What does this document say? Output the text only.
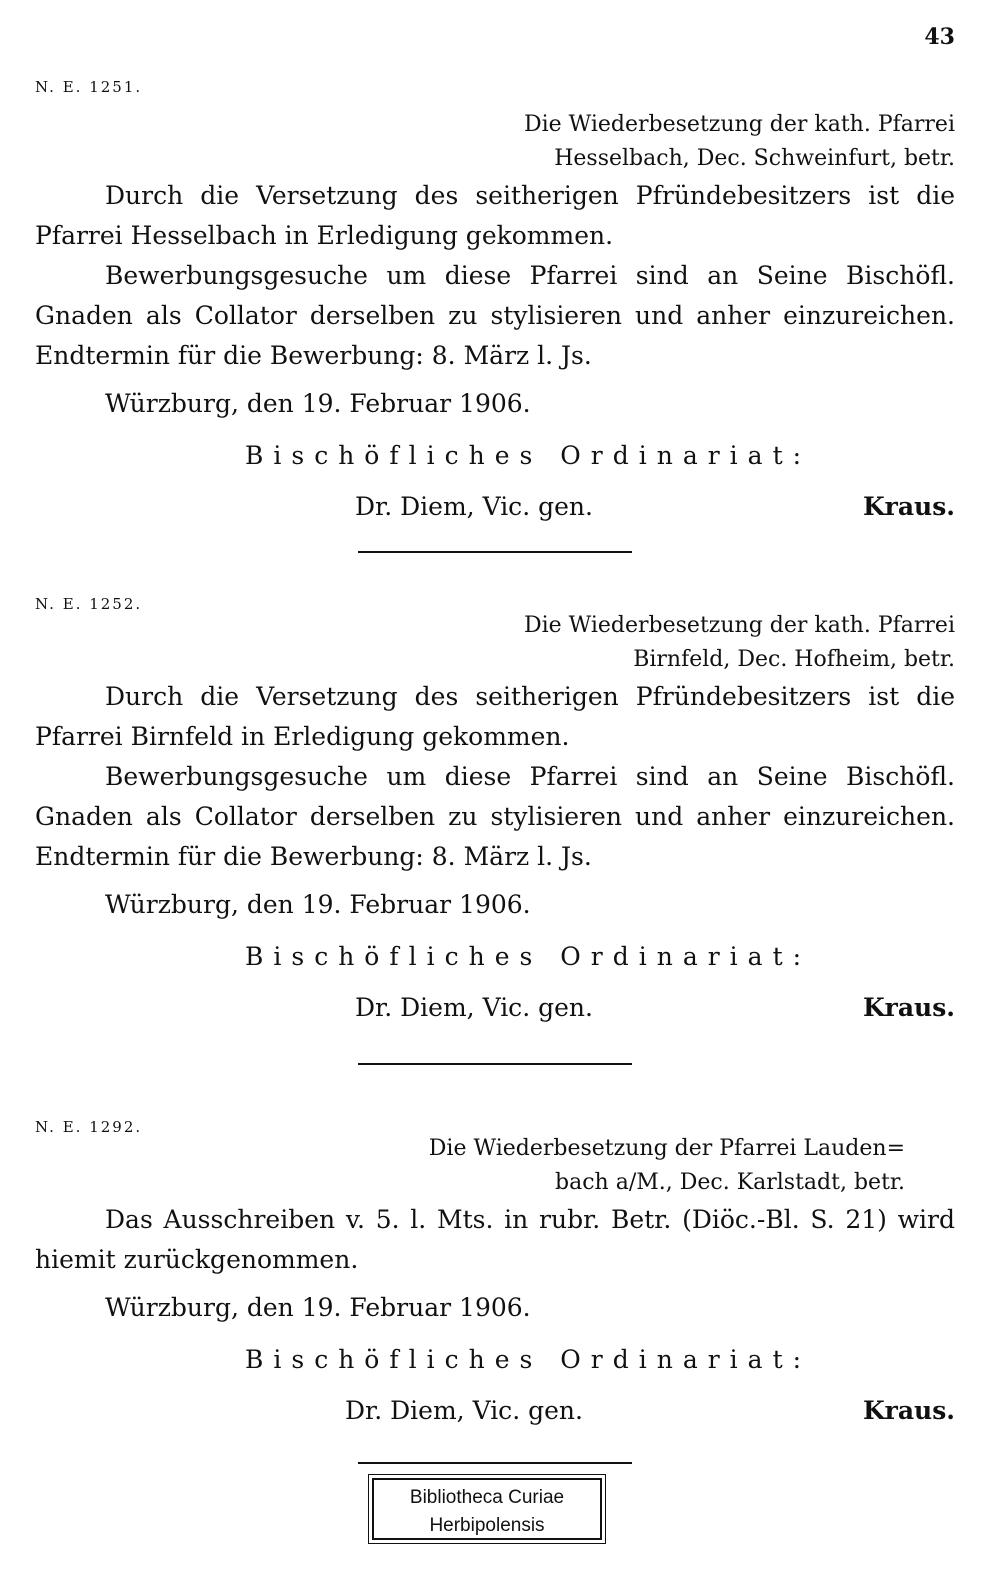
43
N. E. 1251.
Die Wiederbesetzung der kath. Pfarrei
Hesselbach, Dec. Schweinfurt, betr.
Durch die Versetzung des seitherigen Pfründebesitzers ist die Pfarrei Hesselbach in Erledigung gekommen.
Bewerbungsgesuche um diese Pfarrei sind an Seine Bischöfl. Gnaden als Collator derselben zu stylisieren und anher einzureichen. Endtermin für die Bewerbung: 8. März l. Js.
Würzburg, den 19. Februar 1906.
Bischöfliches Ordinariat:
Dr. Diem, Vic. gen.	Kraus.
N. E. 1252.
Die Wiederbesetzung der kath. Pfarrei
Birnfeld, Dec. Hofheim, betr.
Durch die Versetzung des seitherigen Pfründebesitzers ist die Pfarrei Birnfeld in Erledigung gekommen.
Bewerbungsgesuche um diese Pfarrei sind an Seine Bischöfl. Gnaden als Collator derselben zu stylisieren und anher einzureichen. Endtermin für die Bewerbung: 8. März l. Js.
Würzburg, den 19. Februar 1906.
Bischöfliches Ordinariat:
Dr. Diem, Vic. gen.	Kraus.
N. E. 1292.
Die Wiederbesetzung der Pfarrei Lauden=
bach a/M., Dec. Karlstadt, betr.
Das Ausschreiben v. 5. l. Mts. in rubr. Betr. (Diöc.-Bl. S. 21) wird hiemit zurückgenommen.
Würzburg, den 19. Februar 1906.
Bischöfliches Ordinariat:
Dr. Diem, Vic. gen.	Kraus.
Bibliotheca Curiae
Herbipolensis
